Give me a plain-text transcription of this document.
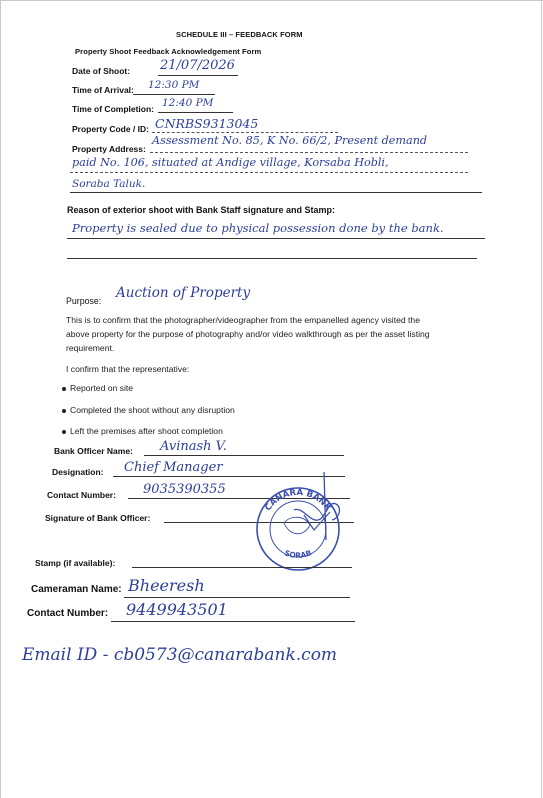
SCHEDULE III – FEEDBACK FORM
Property Shoot Feedback Acknowledgement Form
Date of Shoot: 21/07/2026
Time of Arrival: 12:30 PM
Time of Completion: 12:40 PM
Property Code / ID: CNRBS9313045
Property Address:
Assessment No. 85, K No. 66/2, Present demand
paid No. 106, situated at Andige village, Korsaba Hobli,
Soraba Taluk.
Reason of exterior shoot with Bank Staff signature and Stamp:
Property is sealed due to physical possession done by the bank.
Purpose: Auction of Property
This is to confirm that the photographer/videographer from the empanelled agency visited the
above property for the purpose of photography and/or video walkthrough as per the asset listing
requirement.
I confirm that the representative:
Reported on site
Completed the shoot without any disruption
Left the premises after shoot completion
Bank Officer Name: Avinash V.
Designation: Chief Manager
Contact Number: 9035390355
Signature of Bank Officer:
CANARA BANK
SORAB
Stamp (if available):
Cameraman Name: Bheeresh
Contact Number: 9449943501
Email ID - cb0573@canarabank.com
